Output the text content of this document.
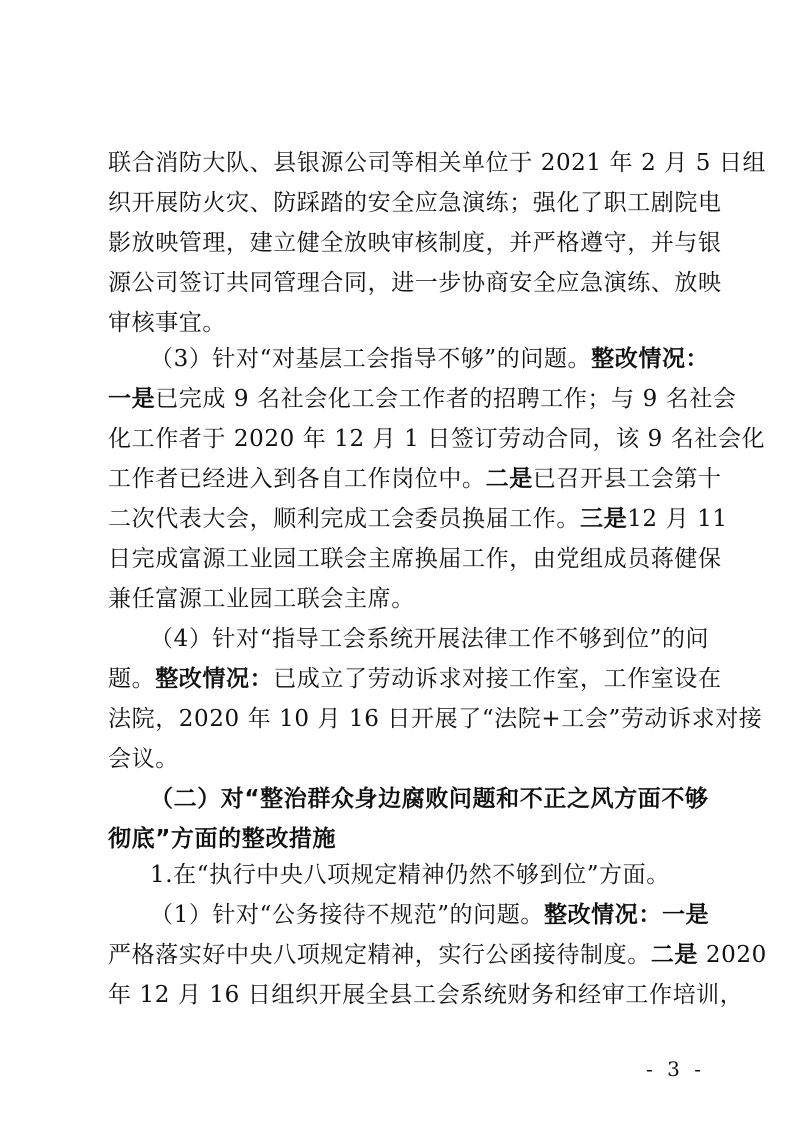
联合消防大队、县银源公司等相关单位于 2021 年 2 月 5 日组
织开展防火灾、防踩踏的安全应急演练；强化了职工剧院电
影放映管理，建立健全放映审核制度，并严格遵守，并与银
源公司签订共同管理合同，进一步协商安全应急演练、放映
审核事宜。
（3）针对“对基层工会指导不够”的问题。整改情况：
一是已完成 9 名社会化工会工作者的招聘工作；与 9 名社会
化工作者于 2020 年 12 月 1 日签订劳动合同，该 9 名社会化
工作者已经进入到各自工作岗位中。二是已召开县工会第十
二次代表大会，顺利完成工会委员换届工作。三是12 月 11
日完成富源工业园工联会主席换届工作，由党组成员蒋健保
兼任富源工业园工联会主席。
（4）针对“指导工会系统开展法律工作不够到位”的问
题。整改情况：已成立了劳动诉求对接工作室，工作室设在
法院，2020 年 10 月 16 日开展了“法院+工会”劳动诉求对接
会议。
（二）对“整治群众身边腐败问题和不正之风方面不够
彻底”方面的整改措施
1.在“执行中央八项规定精神仍然不够到位”方面。
（1）针对“公务接待不规范”的问题。整改情况：一是
严格落实好中央八项规定精神，实行公函接待制度。二是 2020
年 12 月 16 日组织开展全县工会系统财务和经审工作培训，
- 3 -
